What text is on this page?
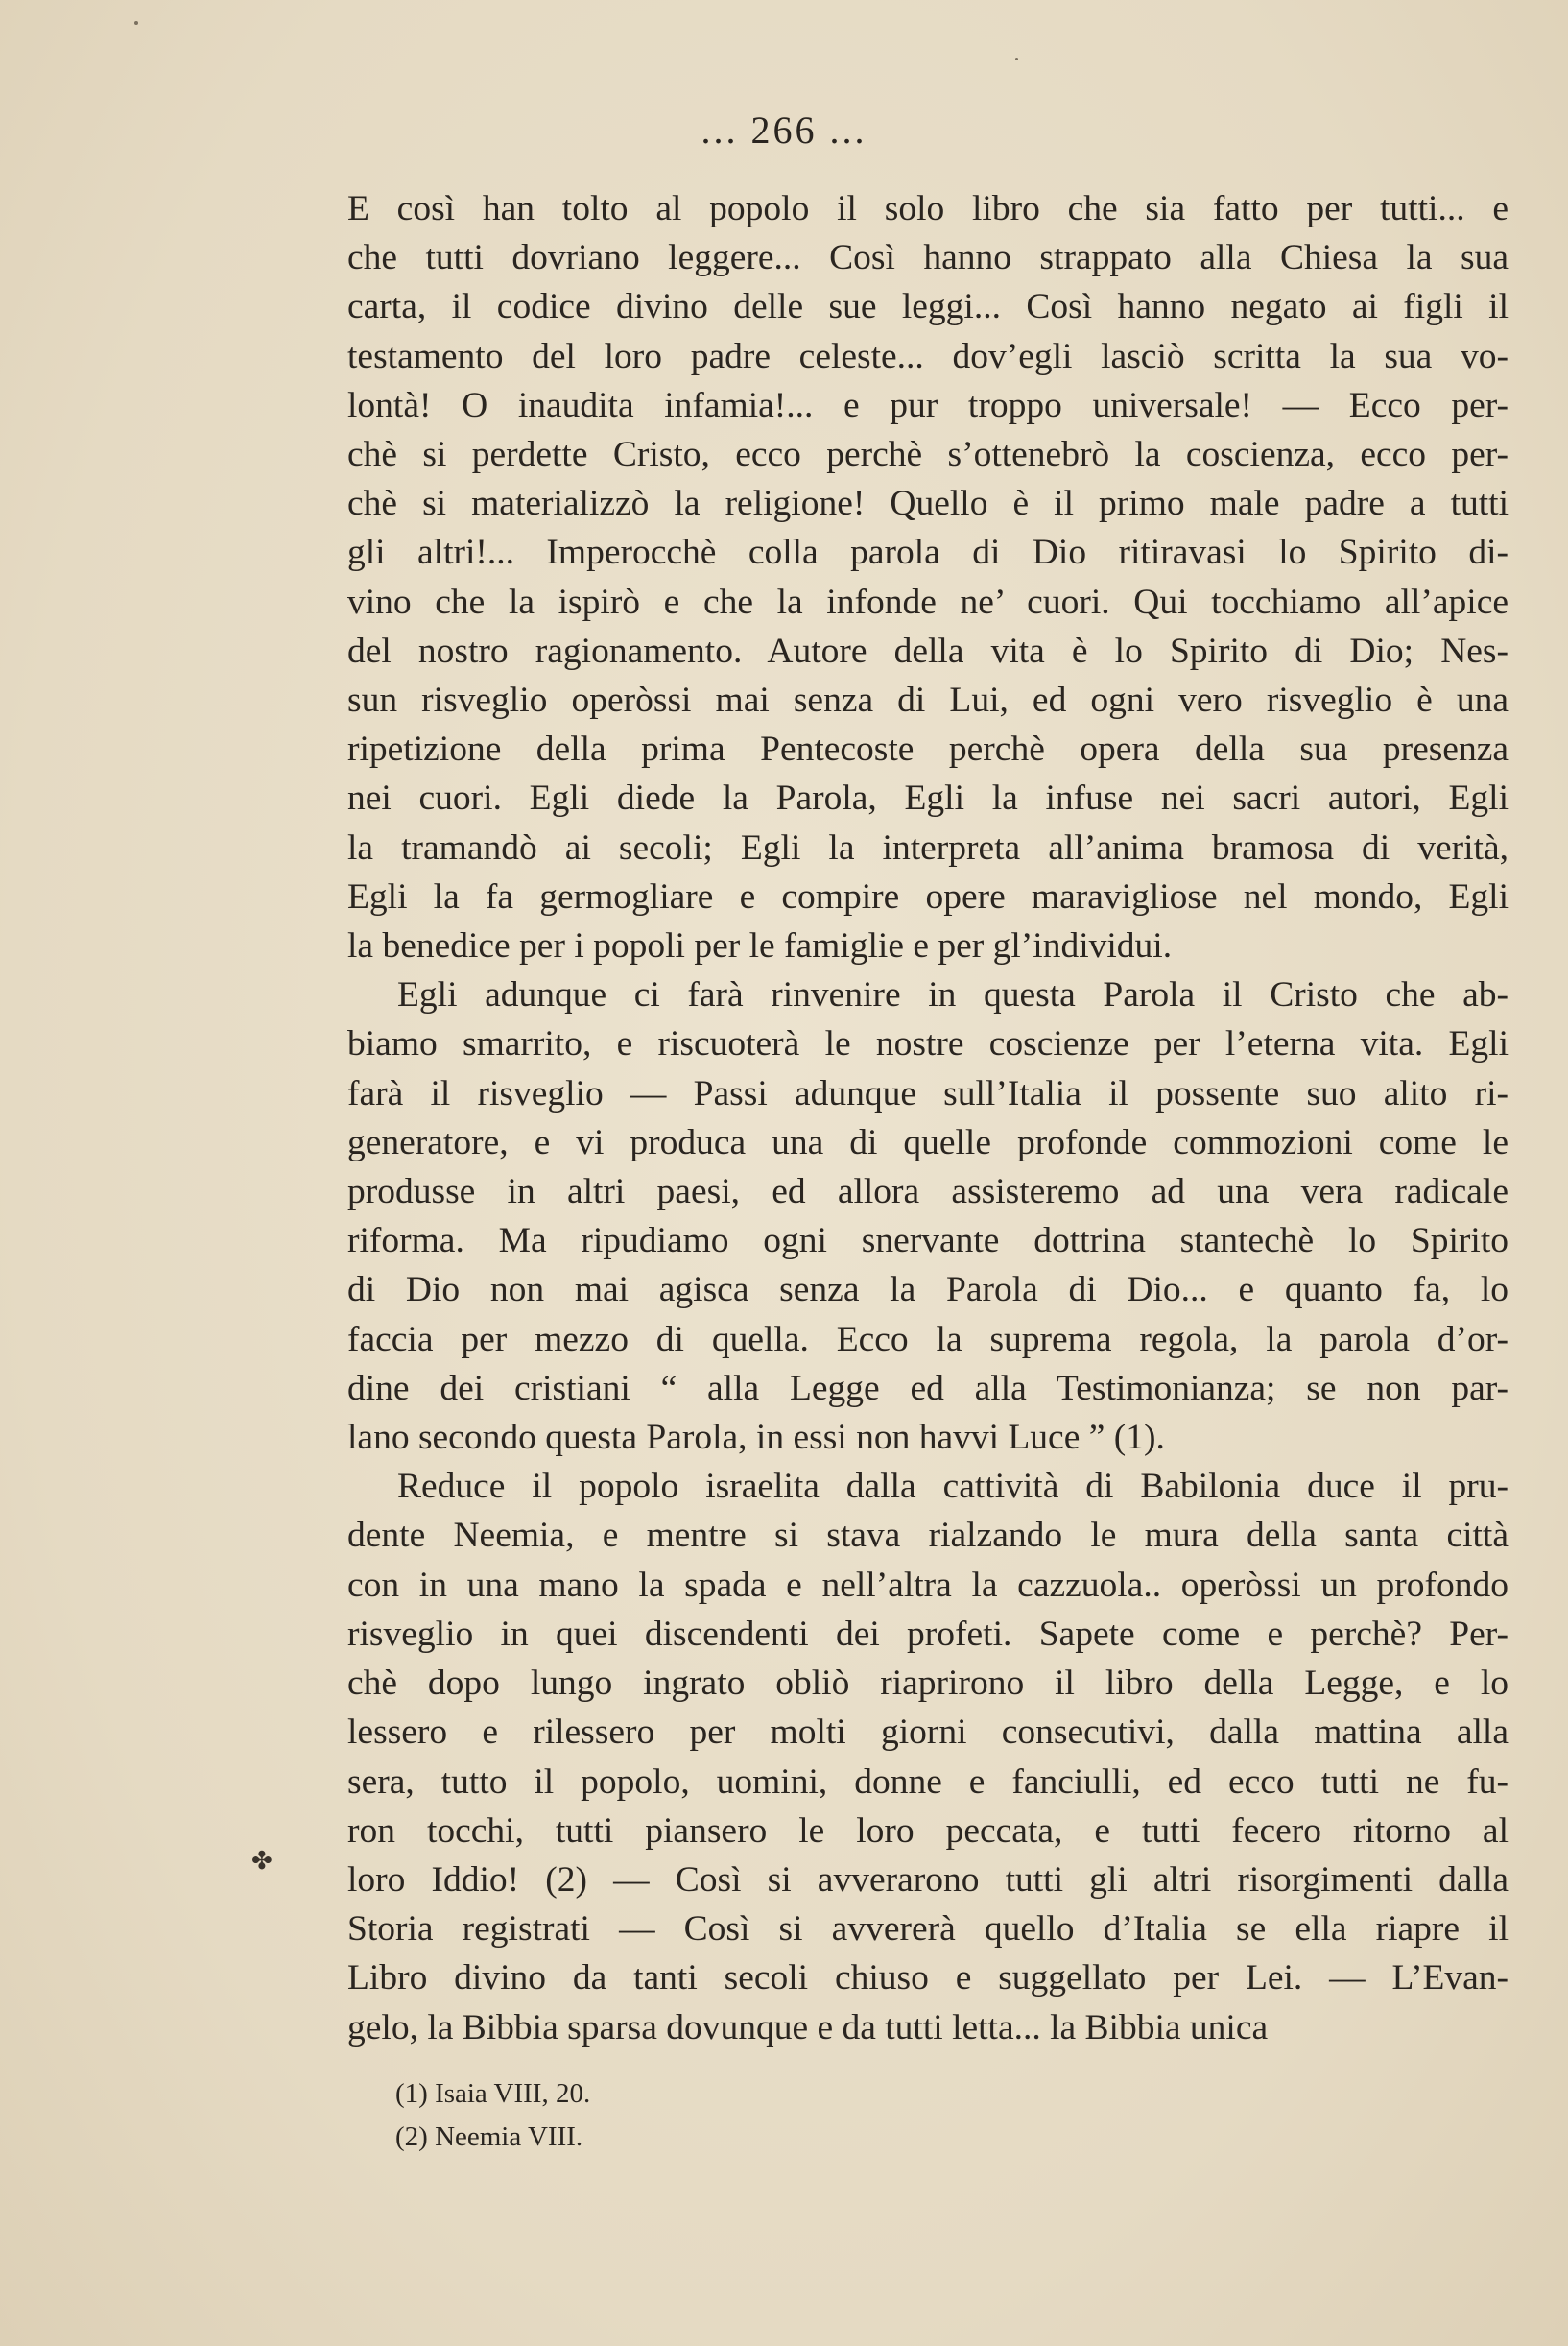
... 266 ...
E così han tolto al popolo il solo libro che sia fatto per tutti... e
che tutti dovriano leggere... Così hanno strappato alla Chiesa la sua
carta, il codice divino delle sue leggi... Così hanno negato ai figli il
testamento del loro padre celeste... dov’egli lasciò scritta la sua vo-
lontà! O inaudita infamia!... e pur troppo universale! — Ecco per-
chè si perdette Cristo, ecco perchè s’ottenebrò la coscienza, ecco per-
chè si materializzò la religione! Quello è il primo male padre a tutti
gli altri!... Imperocchè colla parola di Dio ritiravasi lo Spirito di-
vino che la ispirò e che la infonde ne’ cuori. Qui tocchiamo all’apice
del nostro ragionamento. Autore della vita è lo Spirito di Dio; Nes-
sun risveglio operòssi mai senza di Lui, ed ogni vero risveglio è una
ripetizione della prima Pentecoste perchè opera della sua presenza
nei cuori. Egli diede la Parola, Egli la infuse nei sacri autori, Egli
la tramandò ai secoli; Egli la interpreta all’anima bramosa di verità,
Egli la fa germogliare e compire opere maravigliose nel mondo, Egli
la benedice per i popoli per le famiglie e per gl’individui.
Egli adunque ci farà rinvenire in questa Parola il Cristo che ab-
biamo smarrito, e riscuoterà le nostre coscienze per l’eterna vita. Egli
farà il risveglio — Passi adunque sull’Italia il possente suo alito ri-
generatore, e vi produca una di quelle profonde commozioni come le
produsse in altri paesi, ed allora assisteremo ad una vera radicale
riforma. Ma ripudiamo ogni snervante dottrina stantechè lo Spirito
di Dio non mai agisca senza la Parola di Dio... e quanto fa, lo
faccia per mezzo di quella. Ecco la suprema regola, la parola d’or-
dine dei cristiani “ alla Legge ed alla Testimonianza; se non par-
lano secondo questa Parola, in essi non havvi Luce ” (1).
Reduce il popolo israelita dalla cattività di Babilonia duce il pru-
dente Neemia, e mentre si stava rialzando le mura della santa città
con in una mano la spada e nell’altra la cazzuola.. operòssi un profondo
risveglio in quei discendenti dei profeti. Sapete come e perchè? Per-
chè dopo lungo ingrato obliò riaprirono il libro della Legge, e lo
lessero e rilessero per molti giorni consecutivi, dalla mattina alla
sera, tutto il popolo, uomini, donne e fanciulli, ed ecco tutti ne fu-
ron tocchi, tutti piansero le loro peccata, e tutti fecero ritorno al
loro Iddio! (2) — Così si avverarono tutti gli altri risorgimenti dalla
Storia registrati — Così si avvererà quello d’Italia se ella riapre il
Libro divino da tanti secoli chiuso e suggellato per Lei. — L’Evan-
gelo, la Bibbia sparsa dovunque e da tutti letta... la Bibbia unica
✤
(1) Isaia VIII, 20.
(2) Neemia VIII.
